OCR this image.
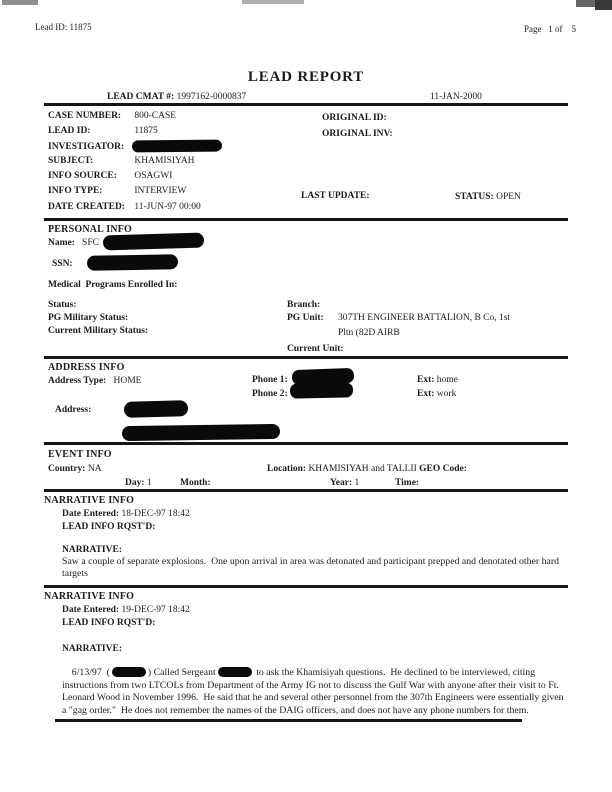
Lead ID: 11875	Page   1 of    5
LEAD REPORT
LEAD CMAT #: 1997162-0000837	11-JAN-2000
CASE NUMBER: 800-CASE
LEAD ID:	11875
INVESTIGATOR:
SUBJECT:	KHAMISIYAH
INFO SOURCE: OSAGWI
INFO TYPE:	INTERVIEW
DATE CREATED: 11-JUN-97 00:00
ORIGINAL ID:
ORIGINAL INV:
LAST UPDATE:	STATUS: OPEN
PERSONAL INFO
Name: SFC
SSN:
Medical  Programs Enrolled In:
Status:	Branch:
PG Military Status:	PG Unit: 307TH ENGINEER BATTALION, B Co, 1st
Current Military Status:	Pltn (82D AIRB
Current Unit:
ADDRESS INFO
Address Type: HOME	Phone 1:	Ext: home
Phone 2:	Ext: work
Address:
EVENT INFO
Country: NA	Location: KHAMISIYAH and TALLII GEO Code:
Day: 1	Month:	Year: 1	Time:
NARRATIVE INFO
Date Entered: 18-DEC-97 18:42
LEAD INFO RQST'D:
NARRATIVE:
Saw a couple of separate explosions.  One upon arrival in area was detonated and participant prepped and denotated other hard targets
NARRATIVE INFO
Date Entered: 19-DEC-97 18:42
LEAD INFO RQST'D:
NARRATIVE:

6/13/97  (	) Called Sergeant	to ask the Khamisiyah questions.  He declined to be interviewed, citing instructions from two LTCOLs from Department of the Army IG not to discuss the Gulf War with anyone after their visit to Ft. Leonard Wood in November 1996.  He said that he and several other personnel from the 307th Engineers were essentially given a "gag order."  He does not remember the names of the DAIG officers, and does not have any phone numbers for them.
